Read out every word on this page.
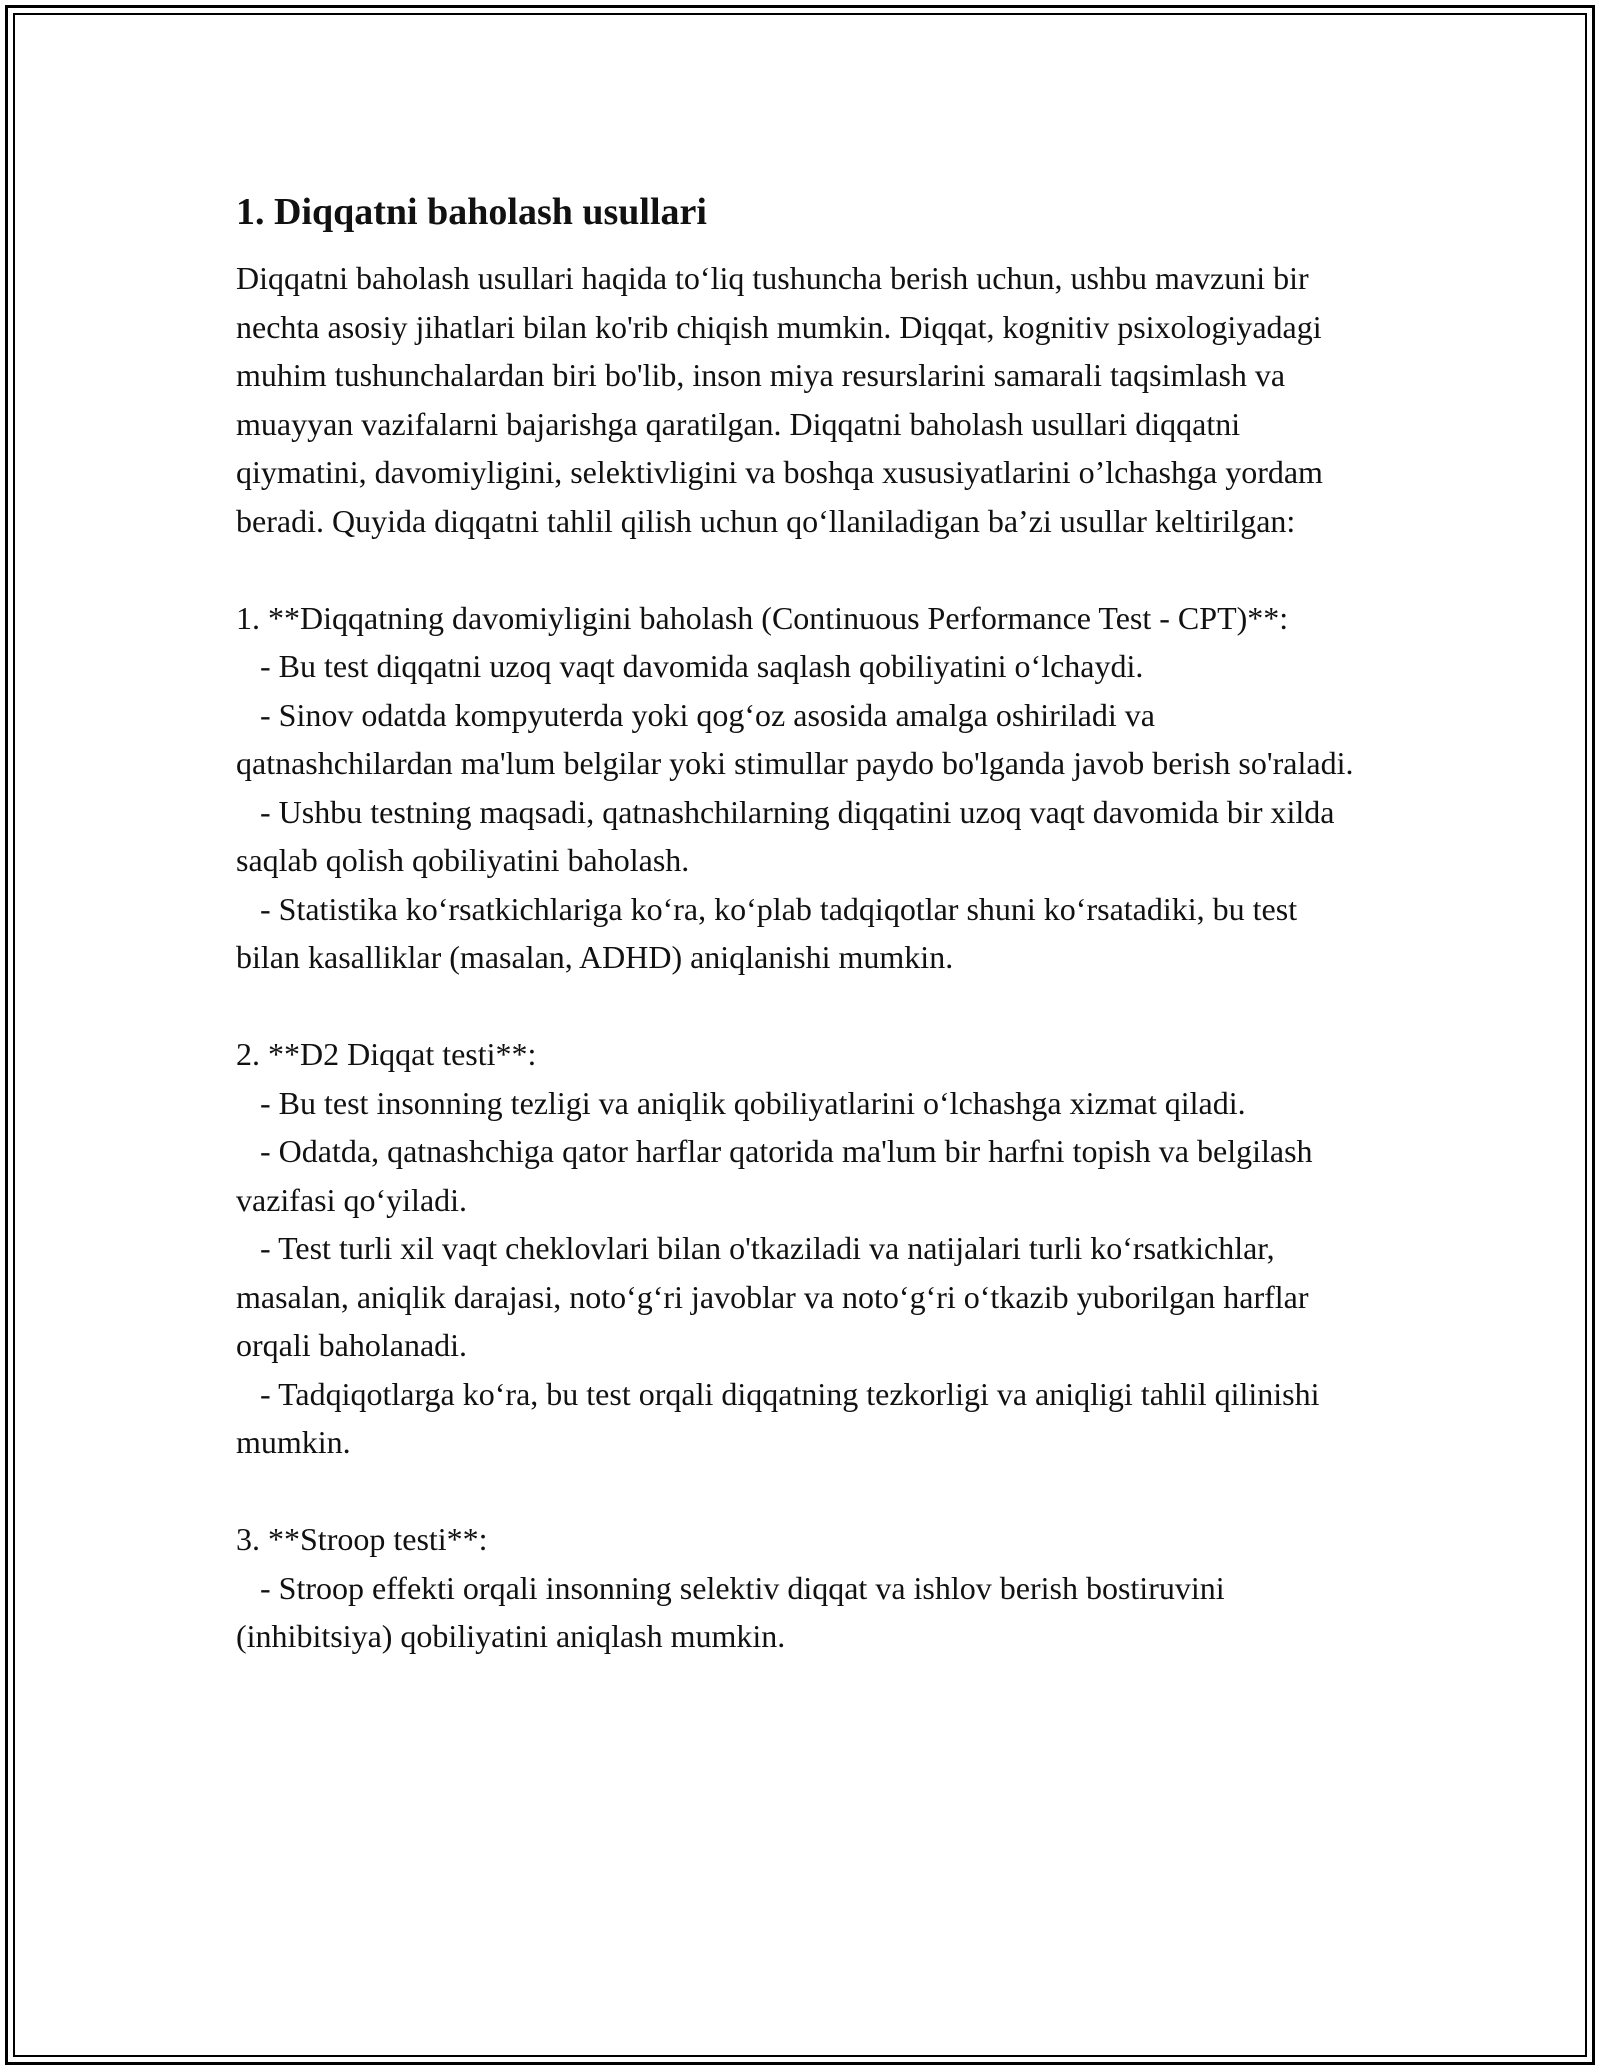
1. Diqqatni baholash usullari

Diqqatni baholash usullari haqida to‘liq tushuncha berish uchun, ushbu mavzuni bir nechta asosiy jihatlari bilan ko'rib chiqish mumkin. Diqqat, kognitiv psixologiyadagi muhim tushunchalardan biri bo'lib, inson miya resurslarini samarali taqsimlash va muayyan vazifalarni bajarishga qaratilgan. Diqqatni baholash usullari diqqatni qiymatini, davomiyligini, selektivligini va boshqa xususiyatlarini o’lchashga yordam beradi. Quyida diqqatni tahlil qilish uchun qo‘llaniladigan ba’zi usullar keltirilgan:

1. **Diqqatning davomiyligini baholash (Continuous Performance Test - CPT)**:

- Bu test diqqatni uzoq vaqt davomida saqlash qobiliyatini o‘lchaydi.

- Sinov odatda kompyuterda yoki qog‘oz asosida amalga oshiriladi va qatnashchilardan ma'lum belgilar yoki stimullar paydo bo'lganda javob berish so'raladi.

- Ushbu testning maqsadi, qatnashchilarning diqqatini uzoq vaqt davomida bir xilda saqlab qolish qobiliyatini baholash.

- Statistika ko‘rsatkichlariga ko‘ra, ko‘plab tadqiqotlar shuni ko‘rsatadiki, bu test bilan kasalliklar (masalan, ADHD) aniqlanishi mumkin.

2. **D2 Diqqat testi**:

- Bu test insonning tezligi va aniqlik qobiliyatlarini o‘lchashga xizmat qiladi.

- Odatda, qatnashchiga qator harflar qatorida ma'lum bir harfni topish va belgilash vazifasi qo‘yiladi.

- Test turli xil vaqt cheklovlari bilan o'tkaziladi va natijalari turli ko‘rsatkichlar, masalan, aniqlik darajasi, noto‘g‘ri javoblar va noto‘g‘ri o‘tkazib yuborilgan harflar orqali baholanadi.

- Tadqiqotlarga ko‘ra, bu test orqali diqqatning tezkorligi va aniqligi tahlil qilinishi mumkin.

3. **Stroop testi**:

- Stroop effekti orqali insonning selektiv diqqat va ishlov berish bostiruvini (inhibitsiya) qobiliyatini aniqlash mumkin.
